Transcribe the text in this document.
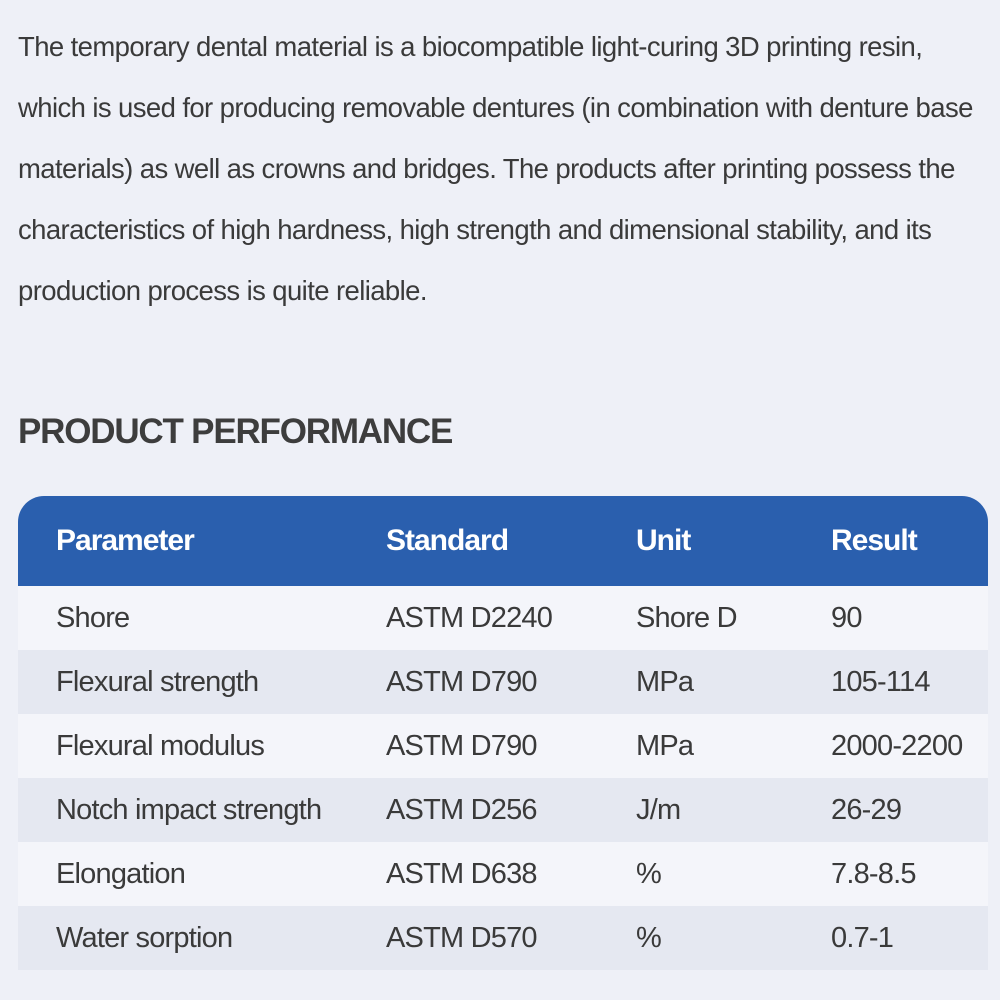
The temporary dental material is a biocompatible light-curing 3D printing resin, which is used for producing removable dentures (in combination with denture base materials) as well as crowns and bridges. The products after printing possess the characteristics of high hardness, high strength and dimensional stability, and its production process is quite reliable.

PRODUCT PERFORMANCE
Parameter	Standard	Unit	Result
Shore	ASTM D2240	Shore D	90
Flexural strength	ASTM D790	MPa	105-114
Flexural modulus	ASTM D790	MPa	2000-2200
Notch impact strength	ASTM D256	J/m	26-29
Elongation	ASTM D638	%	7.8-8.5
Water sorption	ASTM D570	%	0.7-1
